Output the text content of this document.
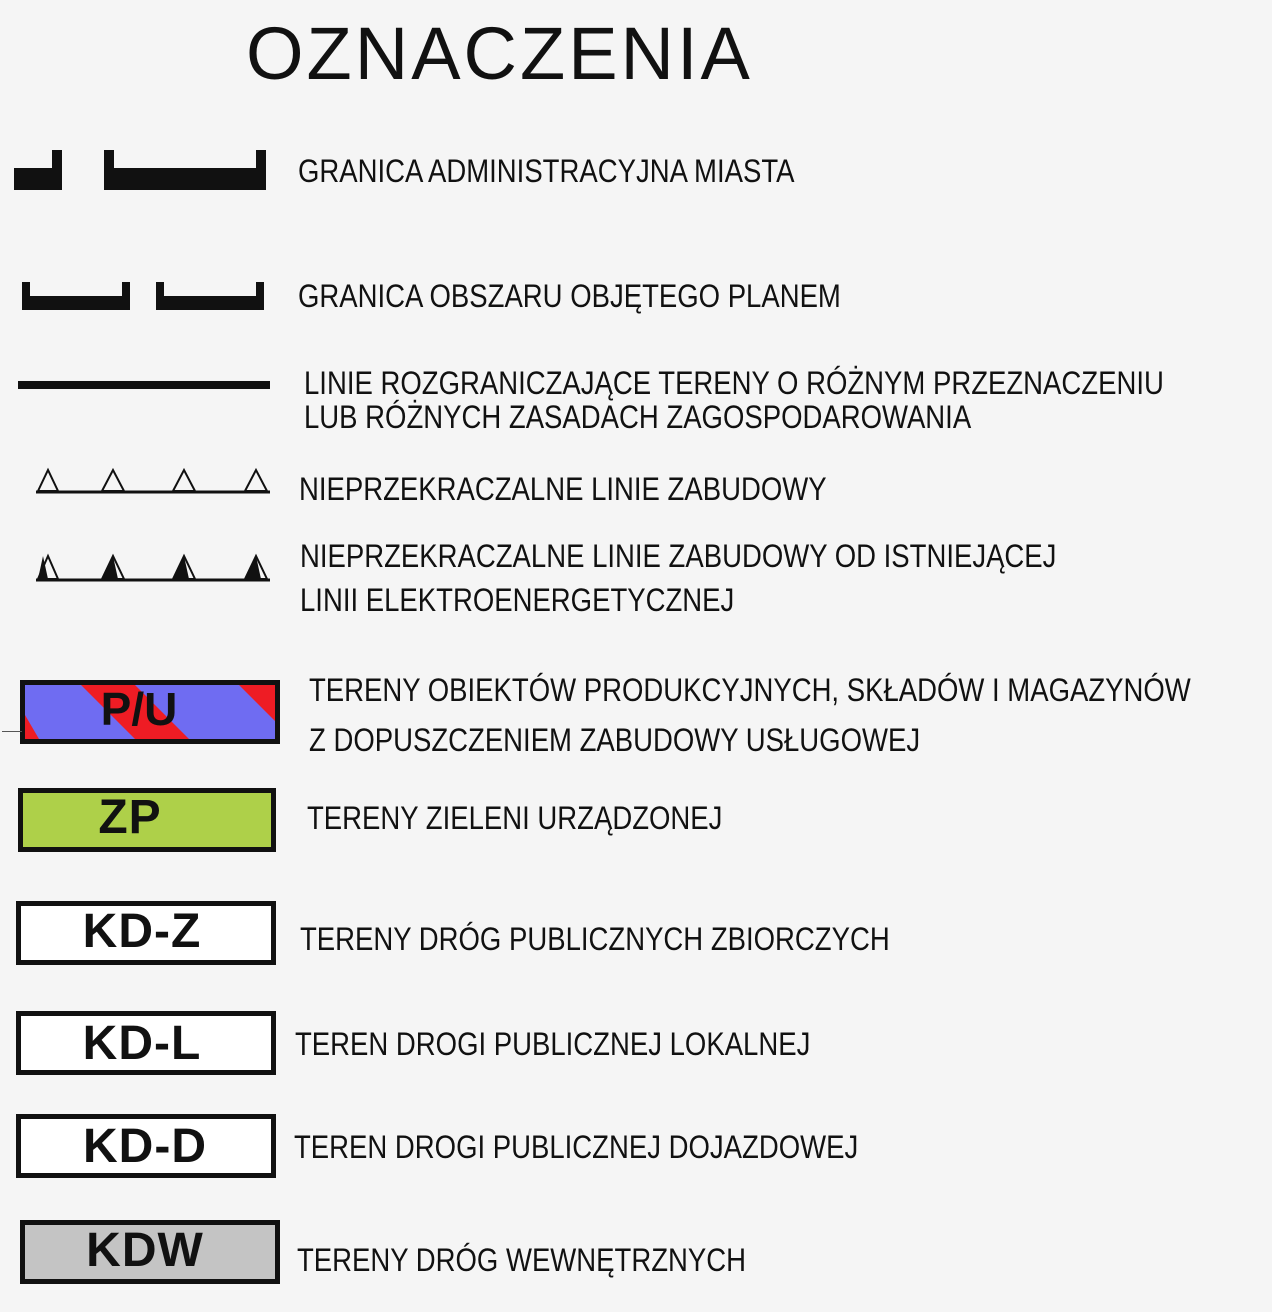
OZNACZENIA
GRANICA ADMINISTRACYJNA MIASTA
GRANICA OBSZARU OBJĘTEGO PLANEM
LINIE ROZGRANICZAJĄCE TERENY O RÓŻNYM PRZEZNACZENIU
LUB RÓŻNYCH ZASADACH ZAGOSPODAROWANIA
NIEPRZEKRACZALNE LINIE ZABUDOWY
NIEPRZEKRACZALNE LINIE ZABUDOWY OD ISTNIEJĄCEJ
LINII ELEKTROENERGETYCZNEJ
P/U	TERENY OBIEKTÓW PRODUKCYJNYCH, SKŁADÓW I MAGAZYNÓW
Z DOPUSZCZENIEM ZABUDOWY USŁUGOWEJ
ZP	TERENY ZIELENI URZĄDZONEJ
KD-Z	TERENY DRÓG PUBLICZNYCH ZBIORCZYCH
KD-L	TEREN DROGI PUBLICZNEJ LOKALNEJ
KD-D	TEREN DROGI PUBLICZNEJ DOJAZDOWEJ
KDW	TERENY DRÓG WEWNĘTRZNYCH
